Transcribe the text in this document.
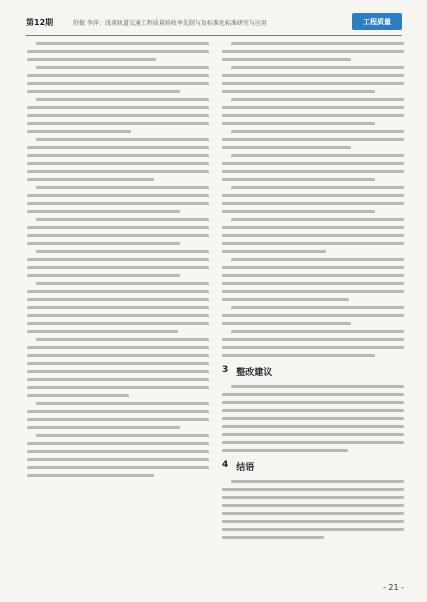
第12期	舒振 李萍：浅谈轨道交通工程质量验收率先制与及标准化标准研究与应用	工程质量
3 整改建议
4 结语
- 21 -
